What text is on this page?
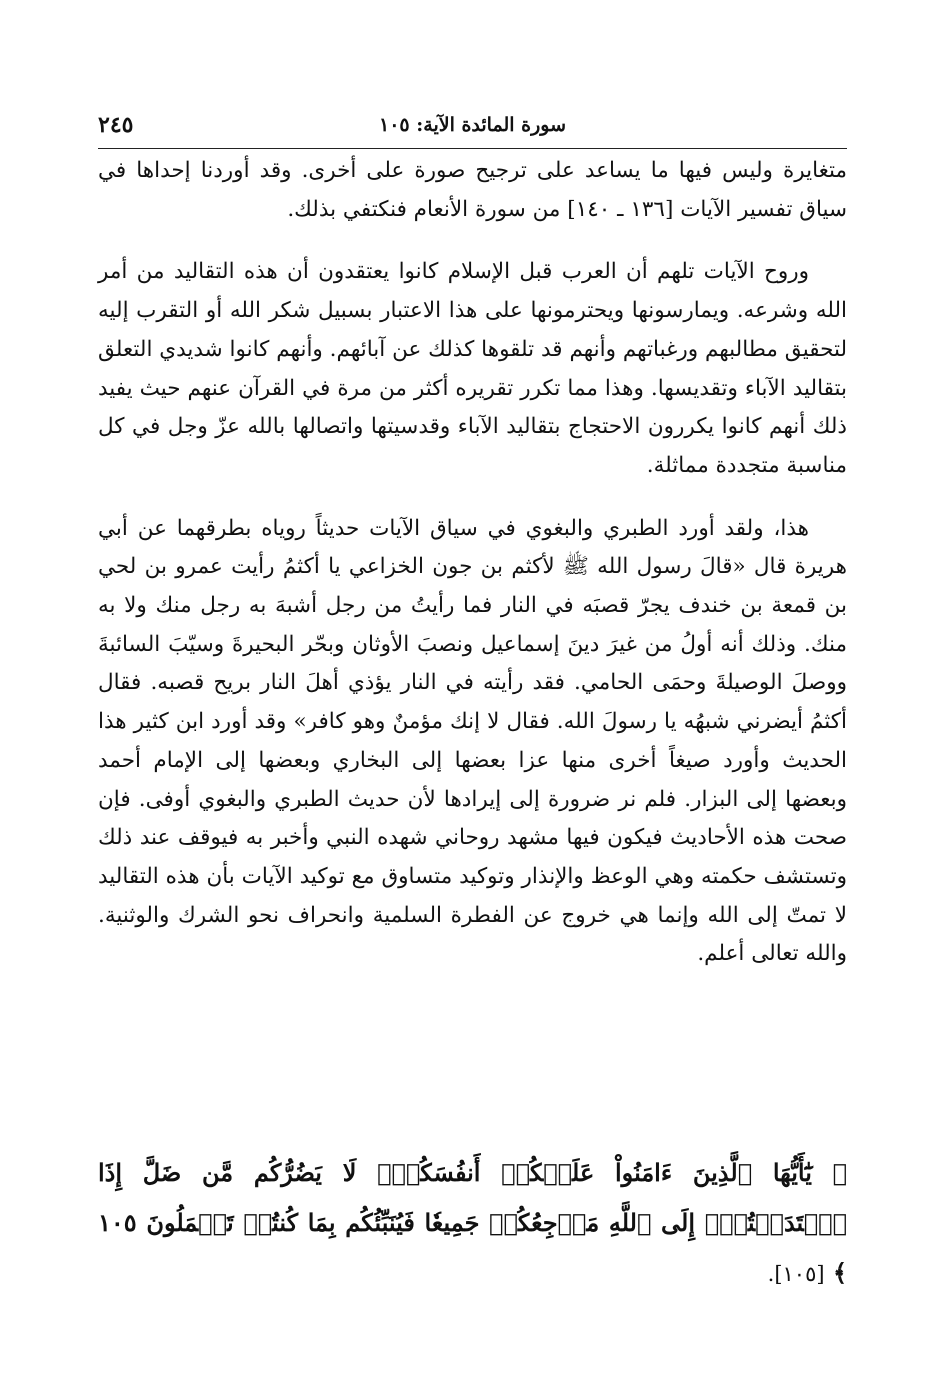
سورة المائدة الآية: ١٠٥
٢٤٥

متغايرة وليس فيها ما يساعد على ترجيح صورة على أخرى. وقد أوردنا إحداها في سياق تفسير الآيات [١٣٦ ـ ١٤٠] من سورة الأنعام فنكتفي بذلك.

وروح الآيات تلهم أن العرب قبل الإسلام كانوا يعتقدون أن هذه التقاليد من أمر الله وشرعه. ويمارسونها ويحترمونها على هذا الاعتبار بسبيل شكر الله أو التقرب إليه لتحقيق مطالبهم ورغباتهم وأنهم قد تلقوها كذلك عن آبائهم. وأنهم كانوا شديدي التعلق بتقاليد الآباء وتقديسها. وهذا مما تكرر تقريره أكثر من مرة في القرآن عنهم حيث يفيد ذلك أنهم كانوا يكررون الاحتجاج بتقاليد الآباء وقدسيتها واتصالها بالله عزّ وجل في كل مناسبة متجددة مماثلة.

هذا، ولقد أورد الطبري والبغوي في سياق الآيات حديثاً روياه بطرقهما عن أبي هريرة قال «قالَ رسول الله ﷺ لأكثم بن جون الخزاعي يا أكثمُ رأيت عمرو بن لحي بن قمعة بن خندف يجرّ قصبَه في النار فما رأيتُ من رجل أشبهَ به رجل منك ولا به منك. وذلك أنه أولُ من غيرَ دينَ إسماعيل ونصبَ الأوثان وبحّر البحيرةَ وسيّبَ السائبةَ ووصلَ الوصيلةَ وحمَى الحامي. فقد رأيته في النار يؤذي أهلَ النار بريح قصبه. فقال أكثمُ أيضرني شبهُه يا رسولَ الله. فقال لا إنك مؤمنٌ وهو كافر» وقد أورد ابن كثير هذا الحديث وأورد صيغاً أخرى منها عزا بعضها إلى البخاري وبعضها إلى الإمام أحمد وبعضها إلى البزار. فلم نر ضرورة إلى إيرادها لأن حديث الطبري والبغوي أوفى. فإن صحت هذه الأحاديث فيكون فيها مشهد روحاني شهده النبي وأخبر به فيوقف عند ذلك وتستشف حكمته وهي الوعظ والإنذار وتوكيد متساوق مع توكيد الآيات بأن هذه التقاليد لا تمتّ إلى الله وإنما هي خروج عن الفطرة السلمية وانحراف نحو الشرك والوثنية. والله تعالى أعلم.

﴿ يَٰٓأَيُّهَا ٱلَّذِينَ ءَامَنُواْ عَلَيۡكُمۡ أَنفُسَكُمۡۖ لَا يَضُرُّكُم مَّن ضَلَّ إِذَا ٱهۡتَدَيۡتُمۡۚ إِلَى ٱللَّهِ مَرۡجِعُكُمۡ جَمِيعٗا فَيُنَبِّئُكُم بِمَا كُنتُمۡ تَعۡمَلُونَ ١٠٥ ﴾ [١٠٥].
